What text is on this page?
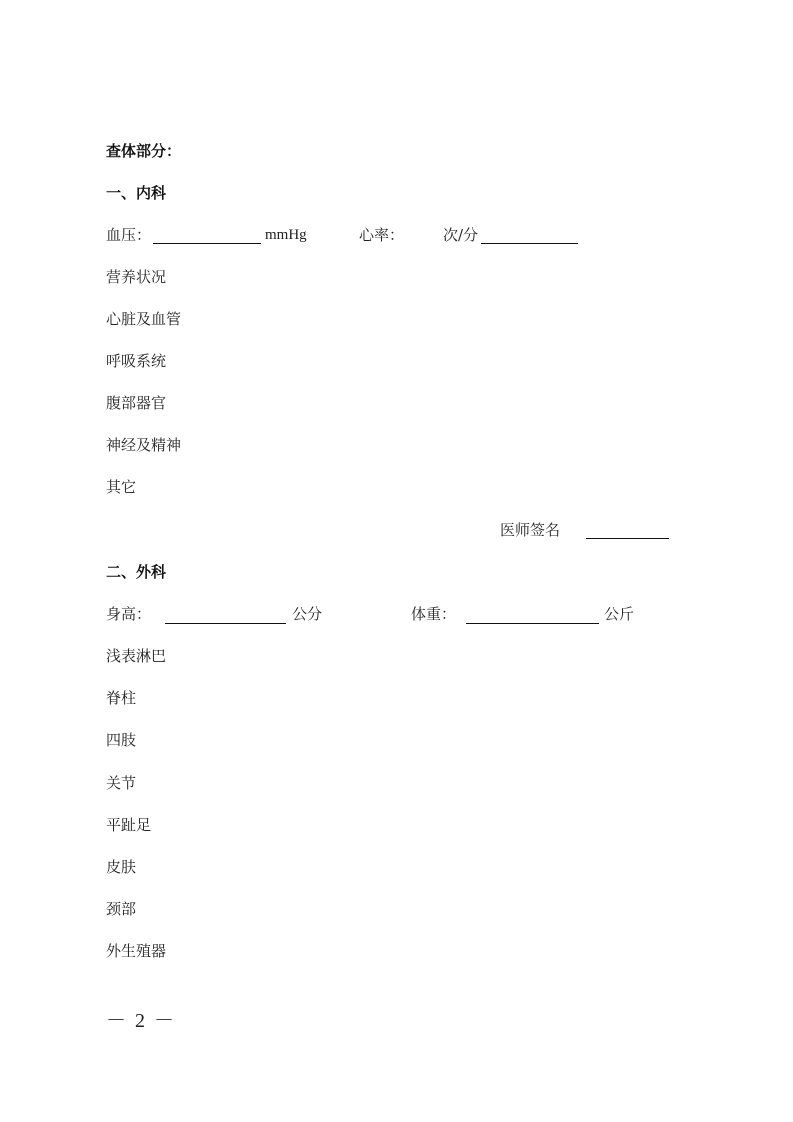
查体部分：
一、内科
血压：	mmHg	心率：	次/分
营养状况
心脏及血管
呼吸系统
腹部器官
神经及精神
其它
医师签名
二、外科
身高：	公分	体重：	公斤
浅表淋巴
脊柱
四肢
关节
平趾足
皮肤
颈部
外生殖器
－ 2 －
